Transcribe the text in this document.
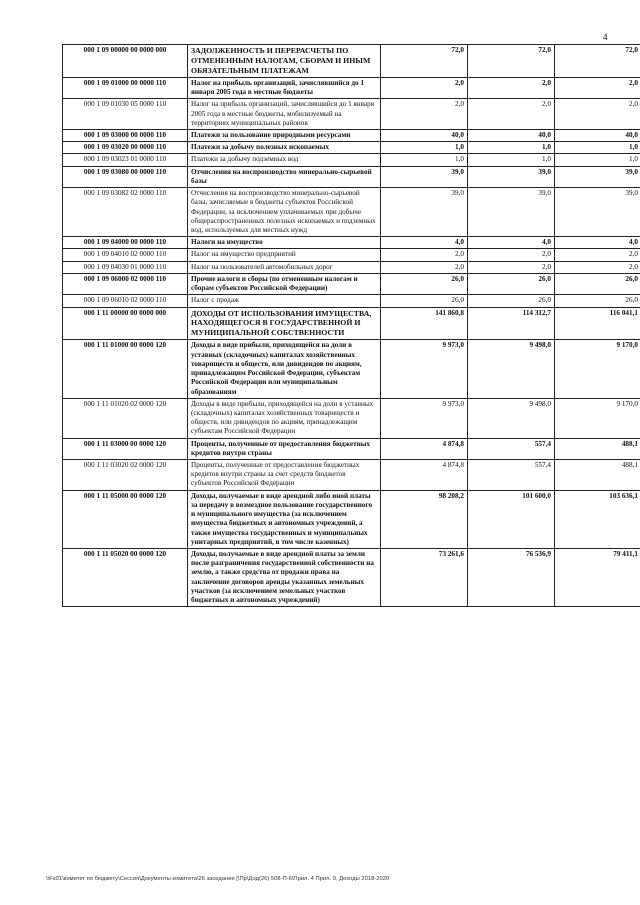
4
000 1 09 00000 00 0000 000	ЗАДОЛЖЕННОСТЬ И ПЕРЕРАСЧЕТЫ ПО ОТМЕНЕННЫМ НАЛОГАМ, СБОРАМ И ИНЫМ ОБЯЗАТЕЛЬНЫМ ПЛАТЕЖАМ	72,0	72,0	72,0
000 1 09 01000 00 0000 110	Налог на прибыль организаций, зачислявшийся до 1 января 2005 года в местные бюджеты	2,0	2,0	2,0
000 1 09 01030 05 0000 110	Налог на прибыль организаций, зачислявшийся до 1 января 2005 года в местные бюджеты, мобилизуемый на территориях муниципальных районов	2,0	2,0	2,0
000 1 09 03000 00 0000 110	Платежи за пользование природными ресурсами	40,0	40,0	40,0
000 1 09 03020 00 0000 110	Платежи за добычу полезных ископаемых	1,0	1,0	1,0
000 1 09 03023 01 0000 110	Платежи за добычу подземных вод	1,0	1,0	1,0
000 1 09 03080 00 0000 110	Отчисления на воспроизводство минерально-сырьевой базы	39,0	39,0	39,0
000 1 09 03082 02 0000 110	Отчисления на воспроизводство минерально-сырьевой базы, зачисляемые в бюджеты субъектов Российской Федерации, за исключением уплачиваемых при добыче общераспространенных полезных ископаемых и подземных вод, используемых для местных нужд	39,0	39,0	39,0
000 1 09 04000 00 0000 110	Налоги на имущество	4,0	4,0	4,0
000 1 09 04010 02 0000 110	Налог на имущество предприятий	2,0	2,0	2,0
000 1 09 04030 01 0000 110	Налог на пользователей автомобильных дорог	2,0	2,0	2,0
000 1 09 06000 02 0000 110	Прочие налоги и сборы (по отмененным налогам и сборам субъектов Российской Федерации)	26,0	26,0	26,0
000 1 09 06010 02 0000 110	Налог с продаж	26,0	26,0	26,0
000 1 11 00000 00 0000 000	ДОХОДЫ ОТ ИСПОЛЬЗОВАНИЯ ИМУЩЕСТВА, НАХОДЯЩЕГОСЯ В ГОСУДАРСТВЕННОЙ И МУНИЦИПАЛЬНОЙ СОБСТВЕННОСТИ	141 860,8	114 312,7	116 041,1
000 1 11 01000 00 0000 120	Доходы в виде прибыли, приходящейся на доли в уставных (складочных) капиталах хозяйственных товариществ и обществ, или дивидендов по акциям, принадлежащим Российской Федерации, субъектам Российской Федерации или муниципальным образованиям	9 973,0	9 498,0	9 170,0
000 1 11 01020 02 0000 120	Доходы в виде прибыли, приходящейся на доли в уставных (складочных) капиталах хозяйственных товариществ и обществ, или дивидендов по акциям, принадлежащим субъектам Российской Федерации	9 973,0	9 498,0	9 170,0
000 1 11 03000 00 0000 120	Проценты, полученные от предоставления бюджетных кредитов внутри страны	4 874,8	557,4	488,1
000 1 11 03020 02 0000 120	Проценты, полученные от предоставления бюджетных кредитов внутри страны за счет средств бюджетов субъектов Российской Федерации	4 874,8	557,4	488,1
000 1 11 05000 00 0000 120	Доходы, получаемые в виде арендной либо иной платы за передачу в возмездное пользование государственного и муниципального имущества (за исключением имущества бюджетных и автономных учреждений, а также имущества государственных и муниципальных унитарных предприятий, в том числе казенных)	98 208,2	101 600,0	103 636,1
000 1 11 05020 00 0000 120	Доходы, получаемые в виде арендной платы за земли после разграничения государственной собственности на землю, а также средства от продажи права на заключение договоров аренды указанных земельных участков (за исключением земельных участков бюджетных и автономных учреждений)	73 261,6	76 536,9	79 411,1
\\Fs01\комитет по бюджету\Сессия\Документы комитета\26 заседание [\Пр\Дод(26) 508-П-6\Прил. 4 Прил. 9. Доходы 2018-2020
